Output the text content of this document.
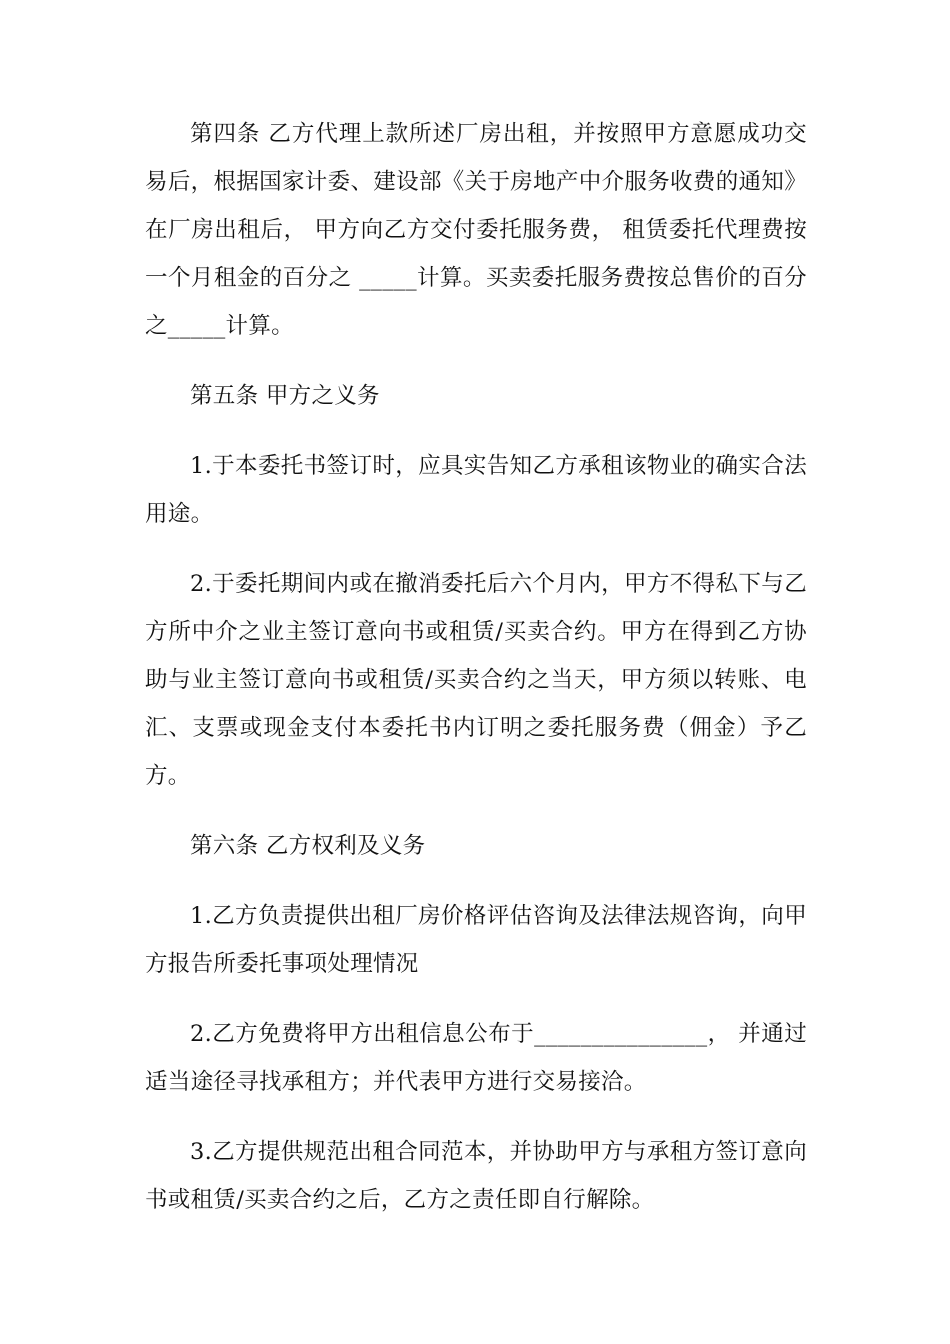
第四条 乙方代理上款所述厂房出租，并按照甲方意愿成功交易后，根据国家计委、建设部《关于房地产中介服务收费的通知》在厂房出租后， 甲方向乙方交付委托服务费， 租赁委托代理费按一个月租金的百分之 _____计算。买卖委托服务费按总售价的百分之_____计算。

第五条 甲方之义务

1.于本委托书签订时，应具实告知乙方承租该物业的确实合法用途。

2.于委托期间内或在撤消委托后六个月内，甲方不得私下与乙方所中介之业主签订意向书或租赁/买卖合约。甲方在得到乙方协助与业主签订意向书或租赁/买卖合约之当天，甲方须以转账、电汇、支票或现金支付本委托书内订明之委托服务费（佣金）予乙方。

第六条 乙方权利及义务

1.乙方负责提供出租厂房价格评估咨询及法律法规咨询，向甲方报告所委托事项处理情况

2.乙方免费将甲方出租信息公布于_______________， 并通过适当途径寻找承租方；并代表甲方进行交易接洽。

3.乙方提供规范出租合同范本，并协助甲方与承租方签订意向书或租赁/买卖合约之后，乙方之责任即自行解除。
